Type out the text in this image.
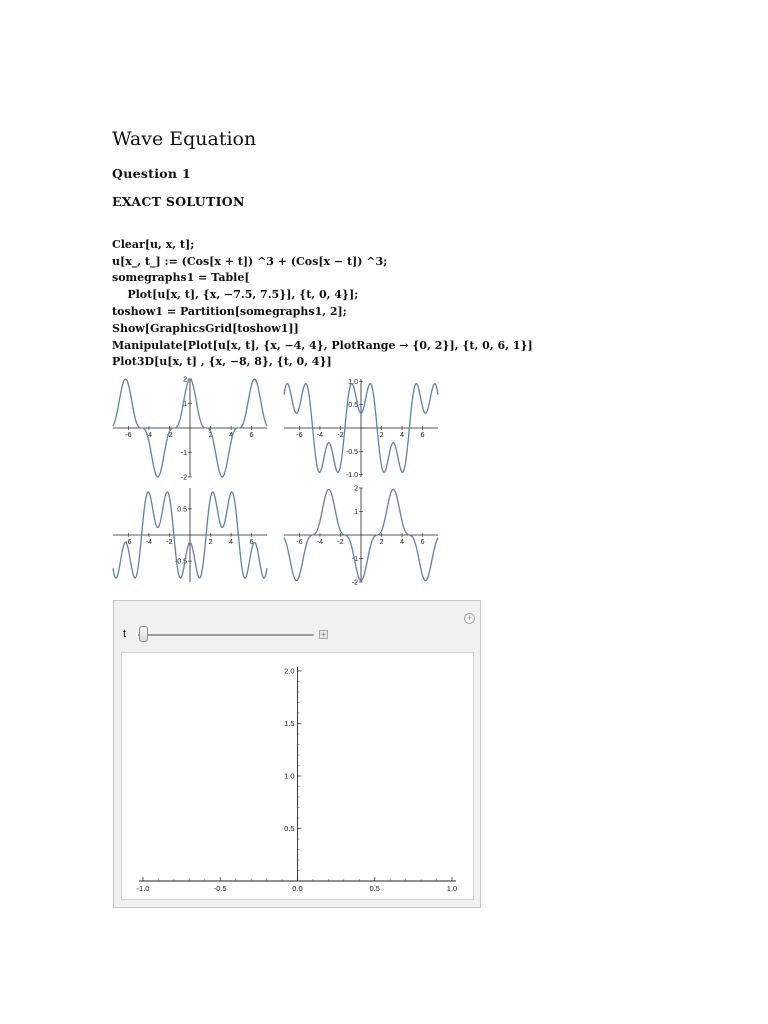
Wave Equation
Question 1
EXACT SOLUTION

Clear[u, x, t];
u[x_, t_] := (Cos[x + t]) ^3 + (Cos[x − t]) ^3;
somegraphs1 = Table[
Plot[u[x, t], {x, −7.5, 7.5}], {t, 0, 4}];
toshow1 = Partition[somegraphs1, 2];
Show[GraphicsGrid[toshow1]]
Manipulate[Plot[u[x, t], {x, −4, 4}, PlotRange → {0, 2}], {t, 0, 6, 1}]
Plot3D[u[x, t] , {x, −8, 8}, {t, 0, 4}]

-6 -4 -2	2 4 6
-2
-1
1
2
-6 -4 -2	2 4 6
-1.0
-0.5
0.5
1.0
-6 -4 -2	2 4 6
-0.5
0.5
-6 -4 -2	2 4 6
-2
-1
1
2
+
t	+
-1.0	-0.5	0.0	0.5	1.0
0.5
1.0
1.5
2.0
